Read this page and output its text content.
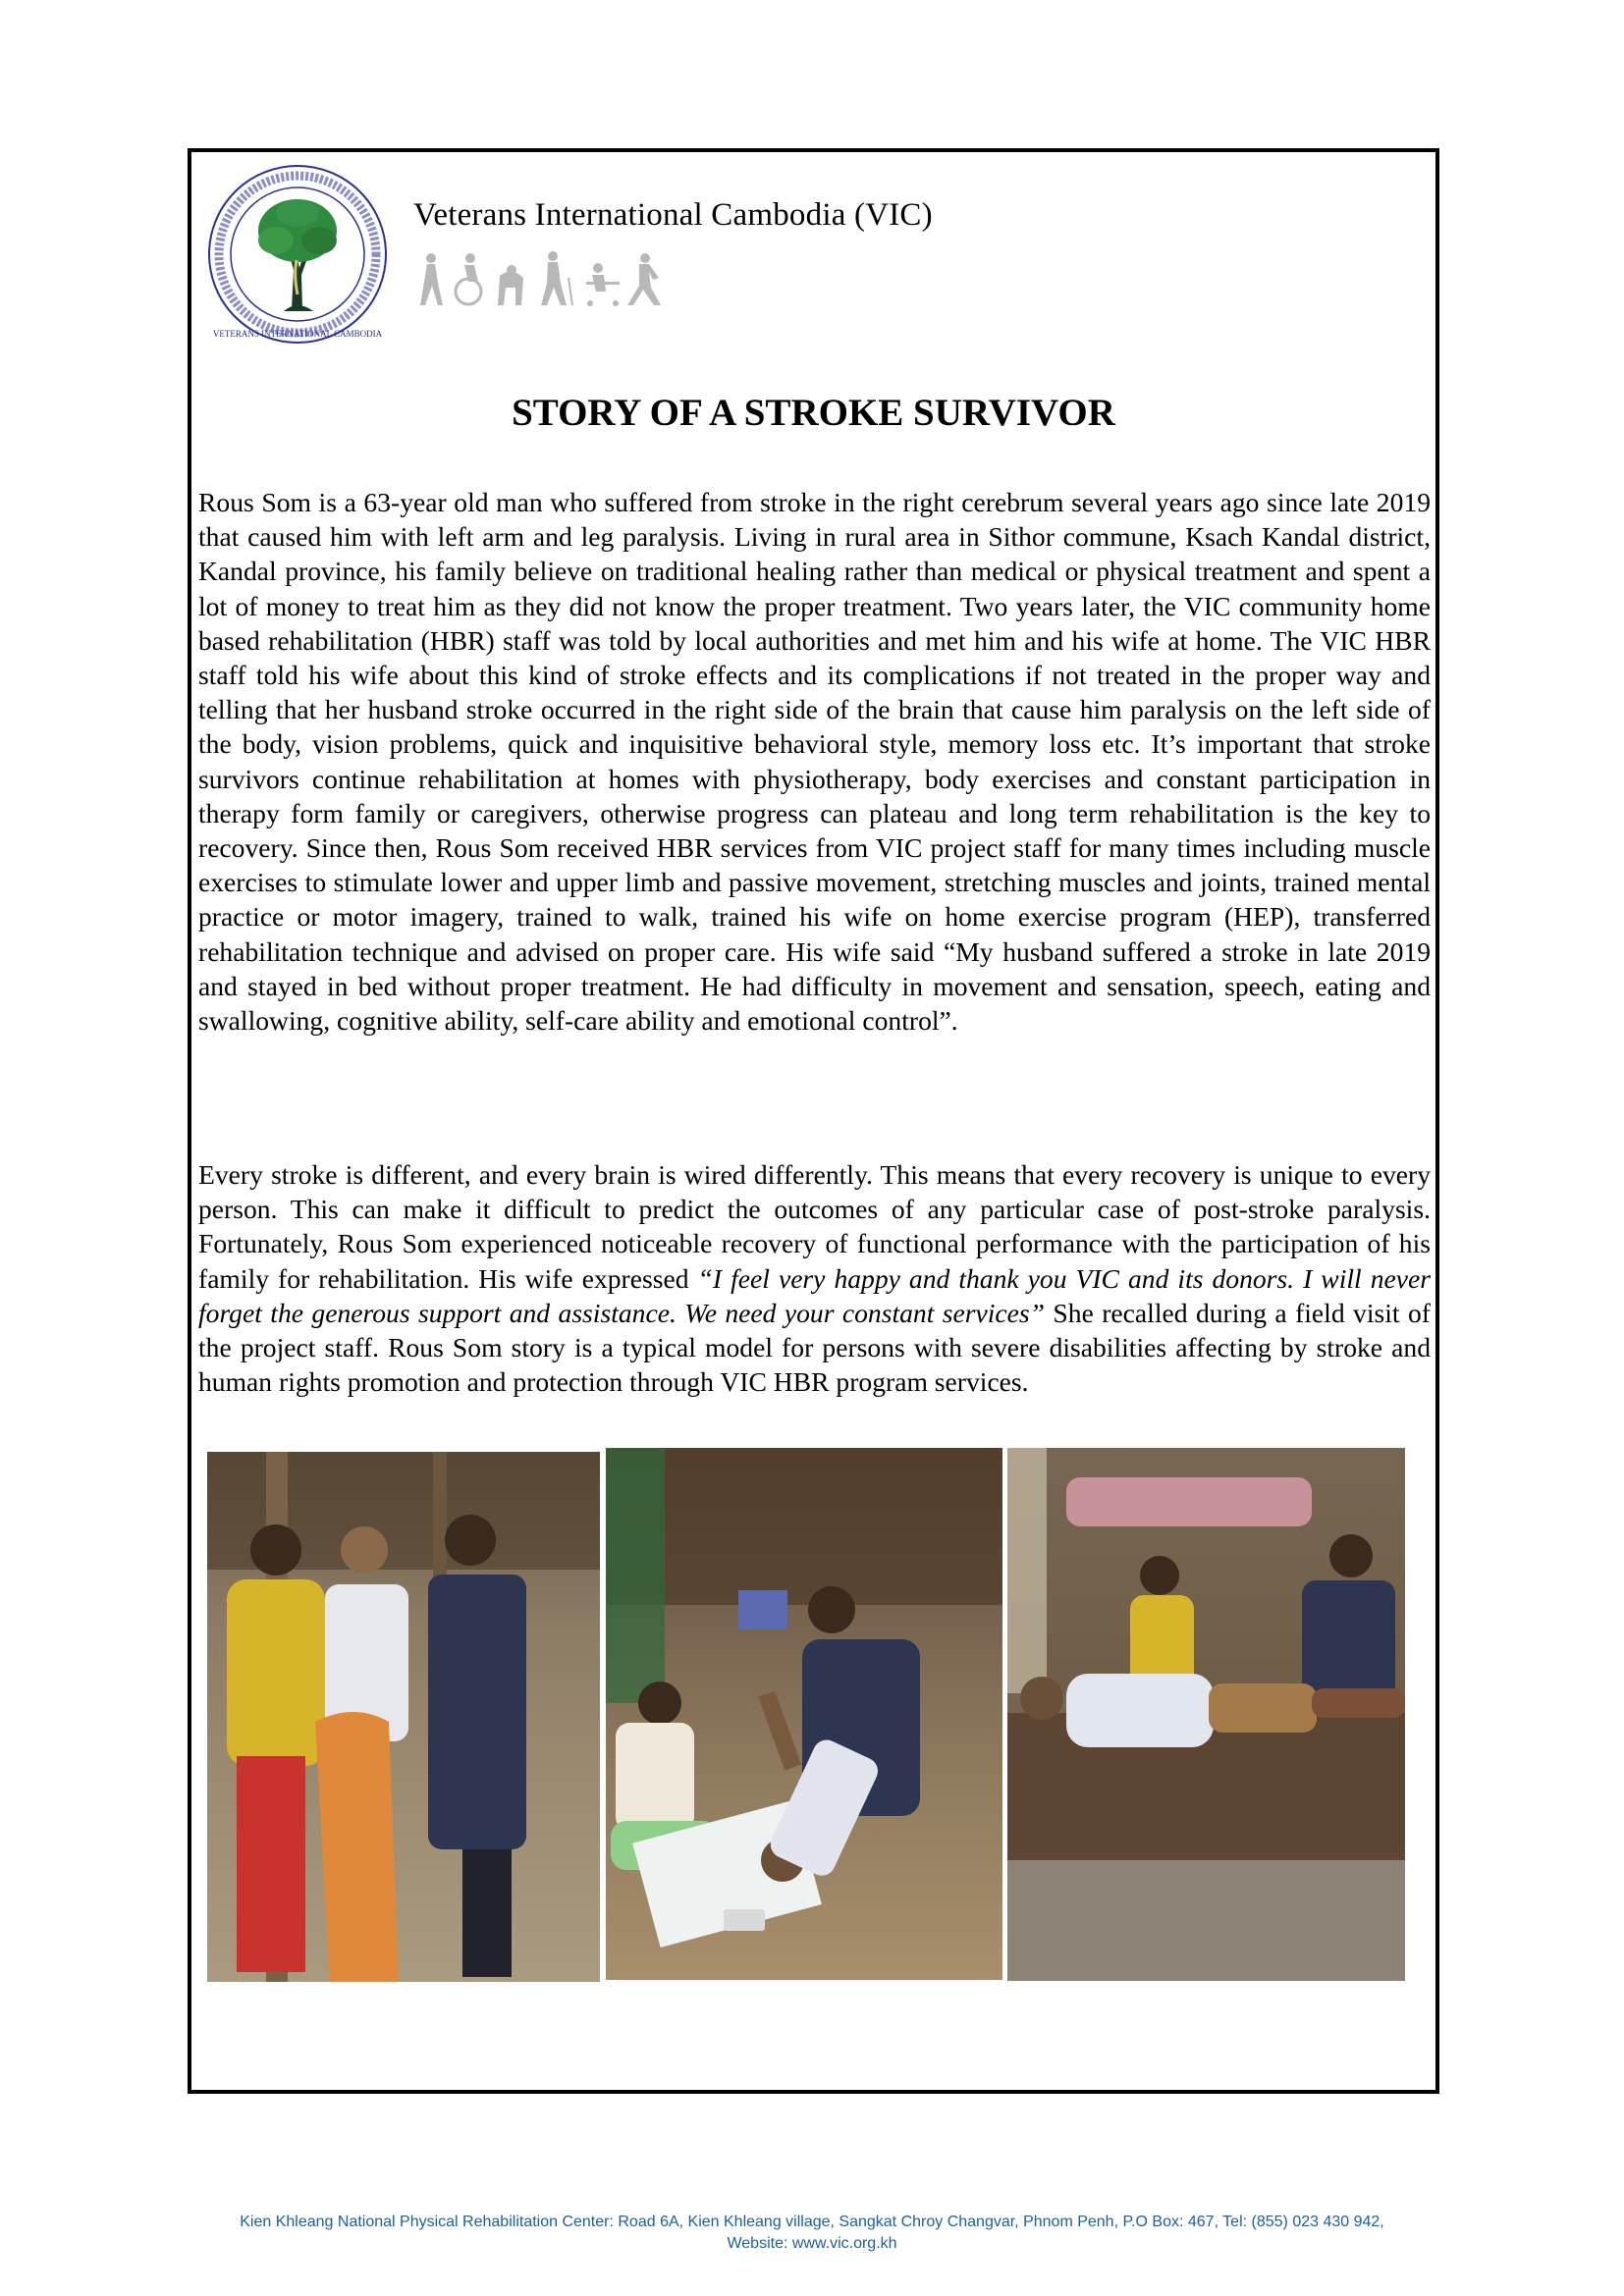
VETERANS INTERNATIONAL CAMBODIA
Veterans International Cambodia (VIC)
STORY OF A STROKE SURVIVOR

Rous Som is a 63-year old man who suffered from stroke in the right cerebrum several years ago since late 2019 that caused him with left arm and leg paralysis. Living in rural area in Sithor commune, Ksach Kandal district, Kandal province, his family believe on traditional healing rather than medical or physical treatment and spent a lot of money to treat him as they did not know the proper treatment. Two years later, the VIC community home based rehabilitation (HBR) staff was told by local authorities and met him and his wife at home. The VIC HBR staff told his wife about this kind of stroke effects and its complications if not treated in the proper way and telling that her husband stroke occurred in the right side of the brain that cause him paralysis on the left side of the body, vision problems, quick and inquisitive behavioral style, memory loss etc. It’s important that stroke survivors continue rehabilitation at homes with physiotherapy, body exercises and constant participation in therapy form family or caregivers, otherwise progress can plateau and long term rehabilitation is the key to recovery. Since then, Rous Som received HBR services from VIC project staff for many times including muscle exercises to stimulate lower and upper limb and passive movement, stretching muscles and joints, trained mental practice or motor imagery, trained to walk, trained his wife on home exercise program (HEP), transferred rehabilitation technique and advised on proper care. His wife said “My husband suffered a stroke in late 2019 and stayed in bed without proper treatment. He had difficulty in movement and sensation, speech, eating and swallowing, cognitive ability, self-care ability and emotional control”.

Every stroke is different, and every brain is wired differently. This means that every recovery is unique to every person. This can make it difficult to predict the outcomes of any particular case of post-stroke paralysis. Fortunately, Rous Som experienced noticeable recovery of functional performance with the participation of his family for rehabilitation. His wife expressed “I feel very happy and thank you VIC and its donors. I will never forget the generous support and assistance. We need your constant services” She recalled during a field visit of the project staff. Rous Som story is a typical model for persons with severe disabilities affecting by stroke and human rights promotion and protection through VIC HBR program services.

Kien Khleang National Physical Rehabilitation Center: Road 6A, Kien Khleang village, Sangkat Chroy Changvar, Phnom Penh, P.O Box: 467, Tel: (855) 023 430 942,
Website: www.vic.org.kh
